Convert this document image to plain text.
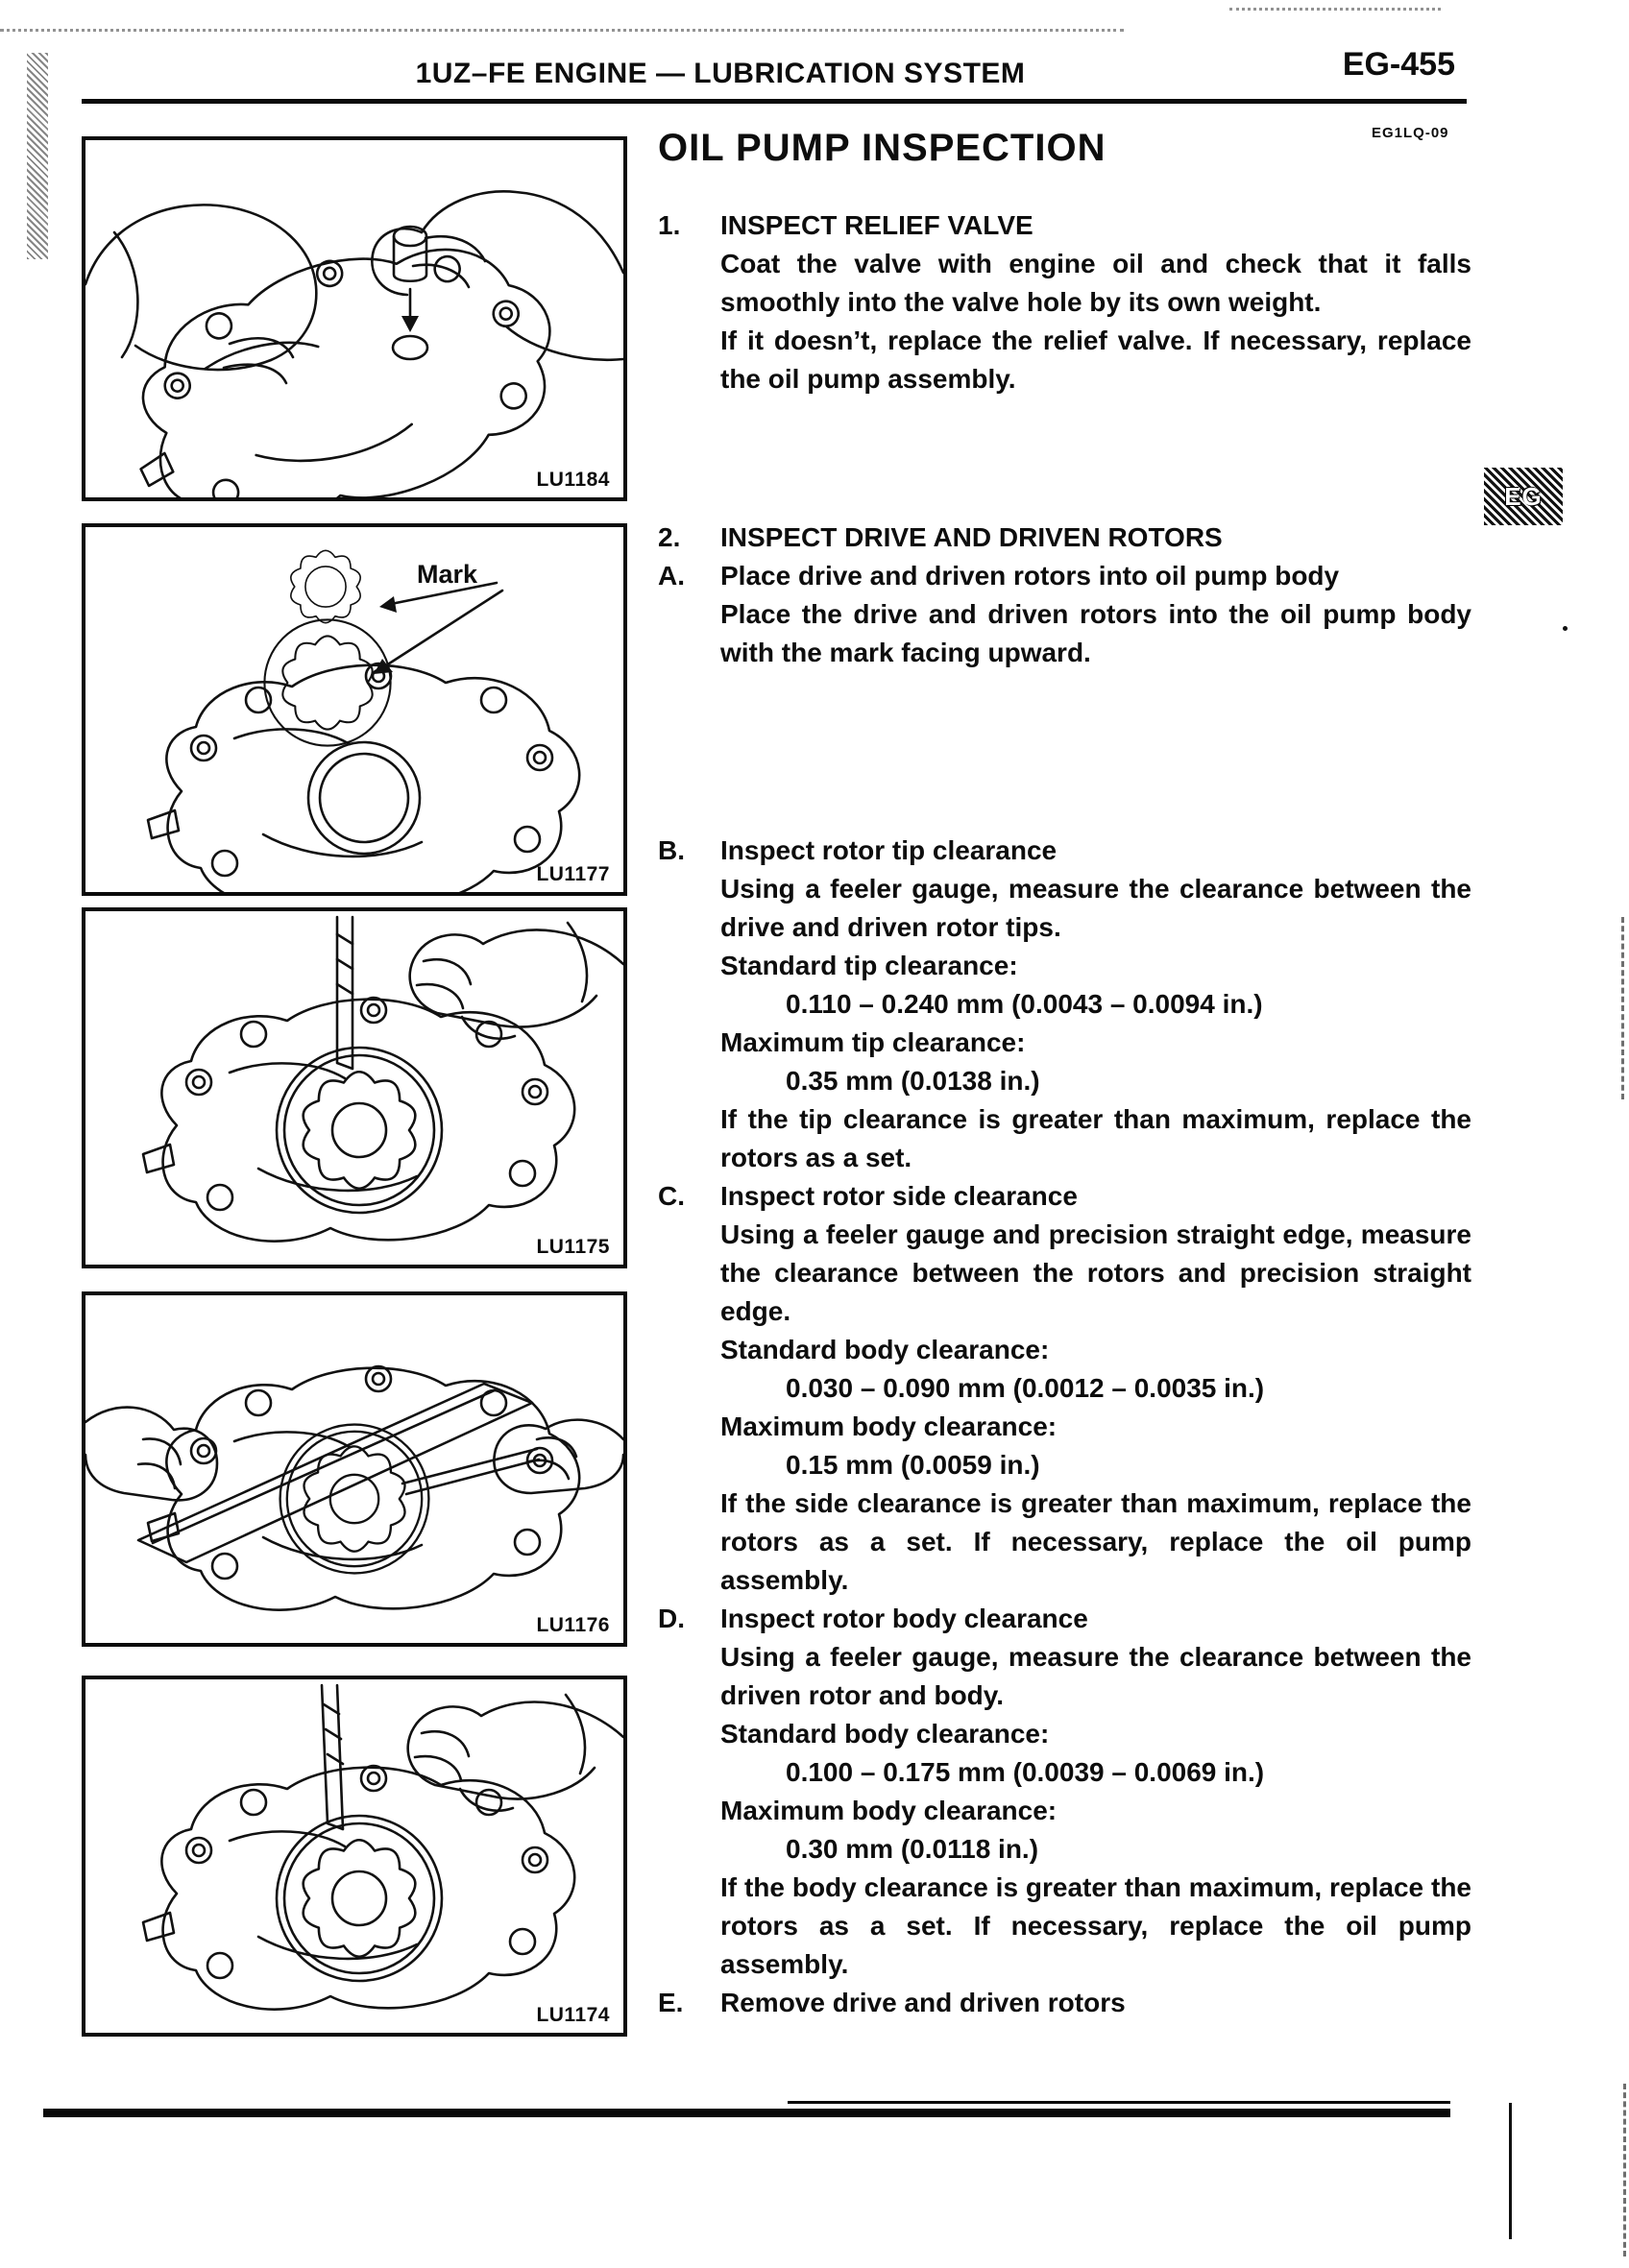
1UZ–FE ENGINE — LUBRICATION SYSTEM	EG-455
EG1LQ-09
EG
OIL PUMP INSPECTION
LU1184
Mark
LU1177
LU1175
LU1176
LU1174
1.	INSPECT RELIEF VALVE
Coat the valve with engine oil and check that it falls smoothly into the valve hole by its own weight.
If it doesn’t, replace the relief valve. If necessary, replace the oil pump assembly.
2.	INSPECT DRIVE AND DRIVEN ROTORS
A.	Place drive and driven rotors into oil pump body
Place the drive and driven rotors into the oil pump body with the mark facing upward.
B.	Inspect rotor tip clearance
Using a feeler gauge, measure the clearance between the drive and driven rotor tips.
Standard tip clearance:
0.110 – 0.240 mm (0.0043 – 0.0094 in.)
Maximum tip clearance:
0.35 mm (0.0138 in.)
If the tip clearance is greater than maximum, replace the rotors as a set.
C.	Inspect rotor side clearance
Using a feeler gauge and precision straight edge, measure the clearance between the rotors and precision straight edge.
Standard body clearance:
0.030 – 0.090 mm (0.0012 – 0.0035 in.)
Maximum body clearance:
0.15 mm (0.0059 in.)
If the side clearance is greater than maximum, replace the rotors as a set. If necessary, replace the oil pump assembly.
D.	Inspect rotor body clearance
Using a feeler gauge, measure the clearance between the driven rotor and body.
Standard body clearance:
0.100 – 0.175 mm (0.0039 – 0.0069 in.)
Maximum body clearance:
0.30 mm (0.0118 in.)
If the body clearance is greater than maximum, replace the rotors as a set. If necessary, replace the oil pump assembly.
E.	Remove drive and driven rotors
